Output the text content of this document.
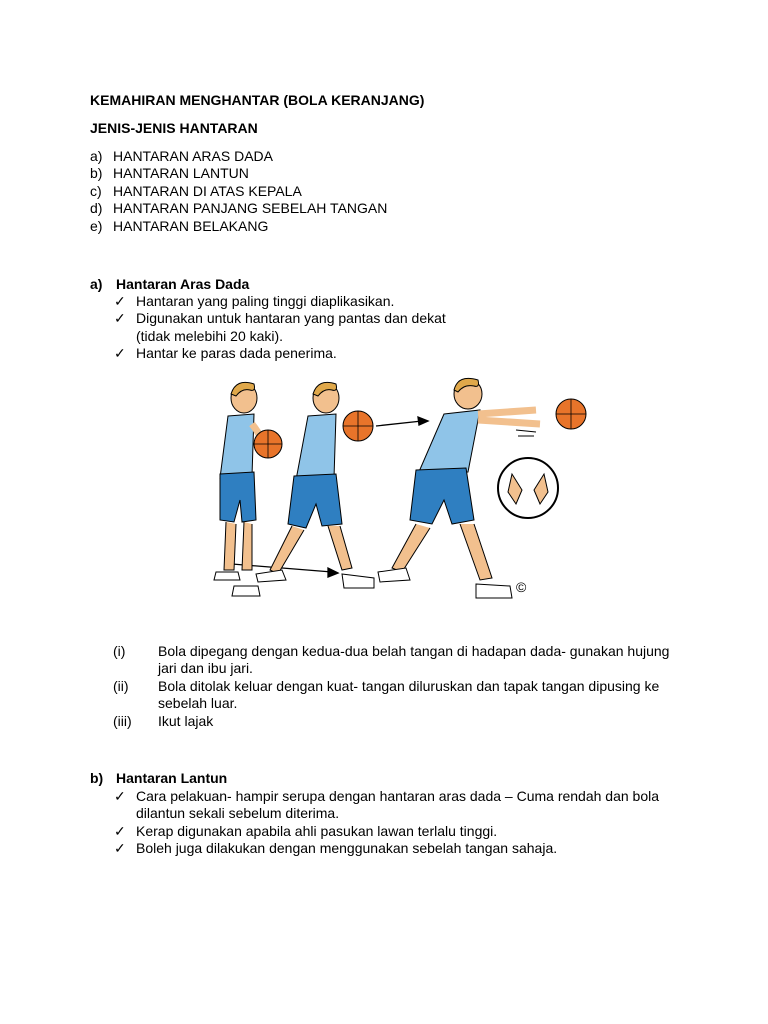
KEMAHIRAN MENGHANTAR (BOLA KERANJANG)
JENIS-JENIS HANTARAN
a) HANTARAN ARAS DADA
b) HANTARAN LANTUN
c) HANTARAN DI ATAS KEPALA
d) HANTARAN PANJANG SEBELAH TANGAN
e) HANTARAN BELAKANG
a) Hantaran Aras Dada
✓ Hantaran yang paling tinggi diaplikasikan.
✓ Digunakan untuk hantaran yang pantas dan dekat (tidak melebihi 20 kaki).
✓ Hantar ke paras dada penerima.
©
(i)	Bola dipegang dengan kedua-dua belah tangan di hadapan dada- gunakan hujung jari dan ibu jari.
(ii)	Bola ditolak keluar dengan kuat- tangan diluruskan dan tapak tangan dipusing ke sebelah luar.
(iii)	Ikut lajak
b) Hantaran Lantun
✓ Cara pelakuan- hampir serupa dengan hantaran aras dada – Cuma rendah dan bola dilantun sekali sebelum diterima.
✓ Kerap digunakan apabila ahli pasukan lawan terlalu tinggi.
✓ Boleh juga dilakukan dengan menggunakan sebelah tangan sahaja.
